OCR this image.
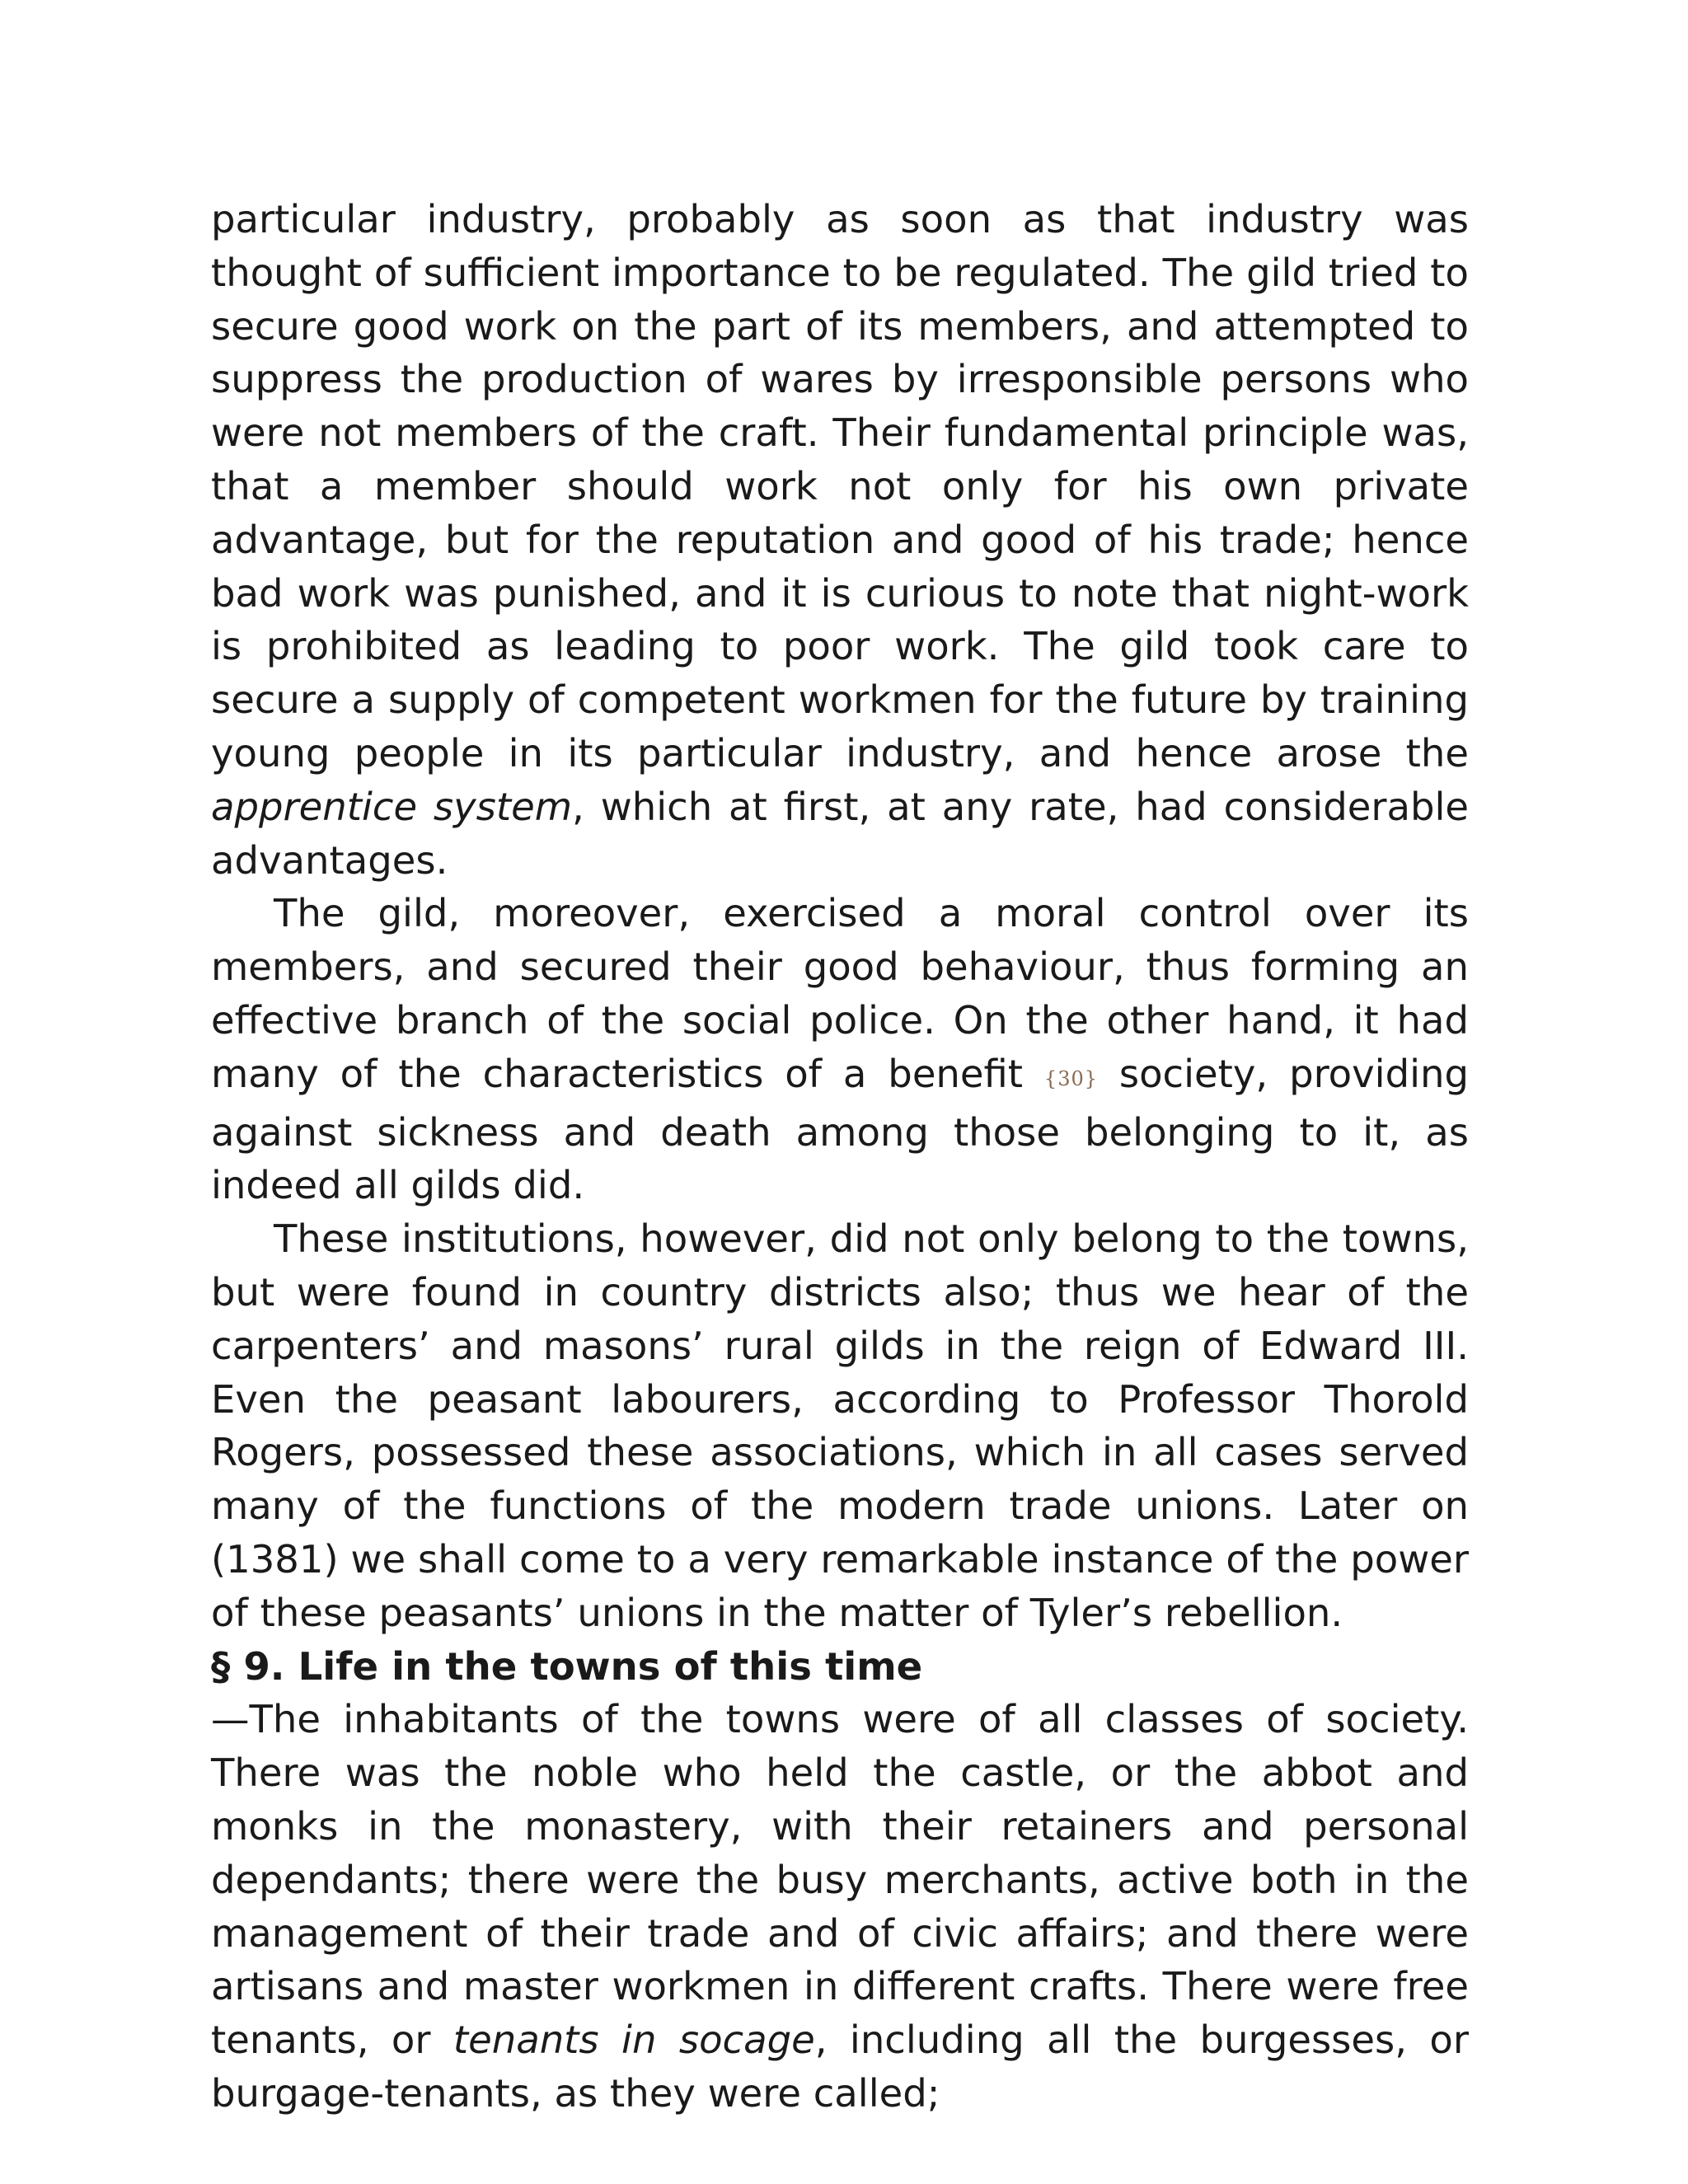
particular industry, probably as soon as that industry was thought of sufficient importance to be regulated. The gild tried to secure good work on the part of its members, and attempted to suppress the production of wares by irresponsible persons who were not members of the craft. Their fundamental principle was, that a member should work not only for his own private advantage, but for the reputation and good of his trade; hence bad work was punished, and it is curious to note that night-work is prohibited as leading to poor work. The gild took care to secure a supply of competent workmen for the future by training young people in its particular industry, and hence arose the apprentice system, which at first, at any rate, had considerable advantages.

The gild, moreover, exercised a moral control over its members, and secured their good behaviour, thus forming an effective branch of the social police. On the other hand, it had many of the characteristics of a benefit {30} society, providing against sickness and death among those belonging to it, as indeed all gilds did.

These institutions, however, did not only belong to the towns, but were found in country districts also; thus we hear of the carpenters’ and masons’ rural gilds in the reign of Edward III. Even the peasant labourers, according to Professor Thorold Rogers, possessed these associations, which in all cases served many of the functions of the modern trade unions. Later on (1381) we shall come to a very remarkable instance of the power of these peasants’ unions in the matter of Tyler’s rebellion.

§ 9. Life in the towns of this time

—The inhabitants of the towns were of all classes of society. There was the noble who held the castle, or the abbot and monks in the monastery, with their retainers and personal dependants; there were the busy merchants, active both in the management of their trade and of civic affairs; and there were artisans and master workmen in different crafts. There were free tenants, or tenants in socage, including all the burgesses, or burgage-tenants, as they were called;
